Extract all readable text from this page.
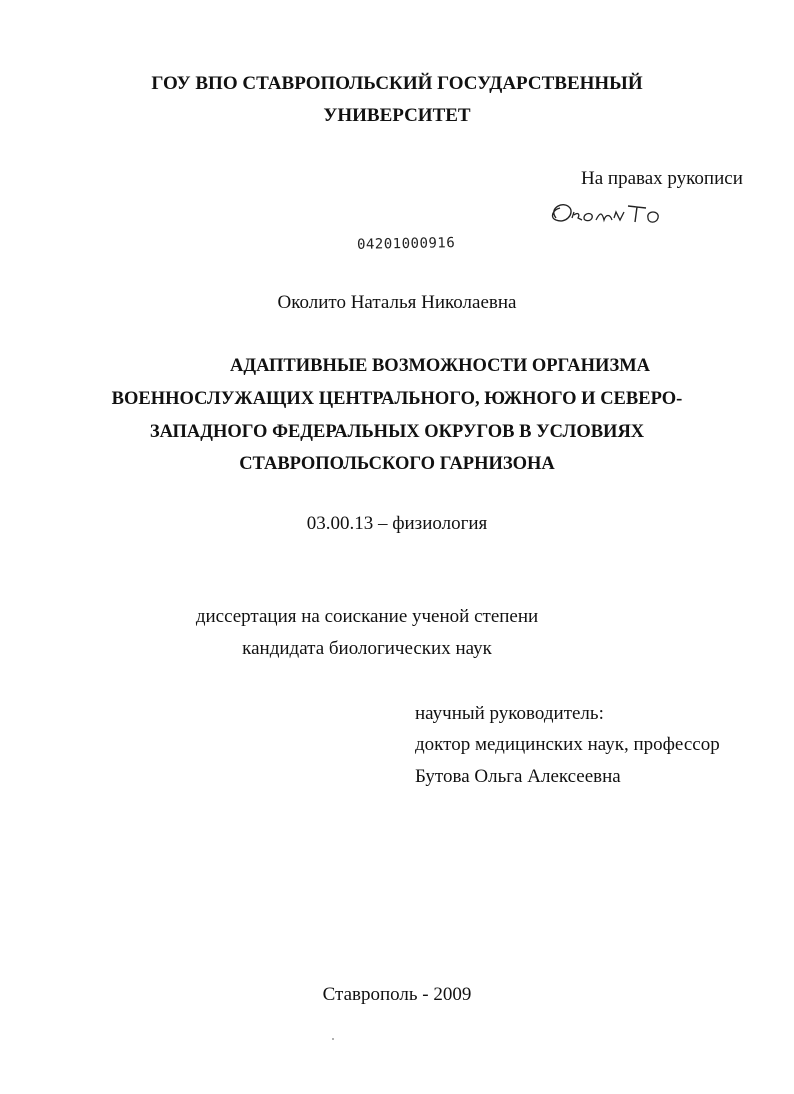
ГОУ ВПО СТАВРОПОЛЬСКИЙ ГОСУДАРСТВЕННЫЙ
УНИВЕРСИТЕТ
На правах рукописи
04201000916
Околито Наталья Николаевна
АДАПТИВНЫЕ ВОЗМОЖНОСТИ ОРГАНИЗМА
ВОЕННОСЛУЖАЩИХ ЦЕНТРАЛЬНОГО, ЮЖНОГО И СЕВЕРО-
ЗАПАДНОГО ФЕДЕРАЛЬНЫХ ОКРУГОВ В УСЛОВИЯХ
СТАВРОПОЛЬСКОГО ГАРНИЗОНА
03.00.13 – физиология
диссертация на соискание ученой степени
кандидата биологических наук
научный руководитель:
доктор медицинских наук, профессор
Бутова Ольга Алексеевна
Ставрополь - 2009
